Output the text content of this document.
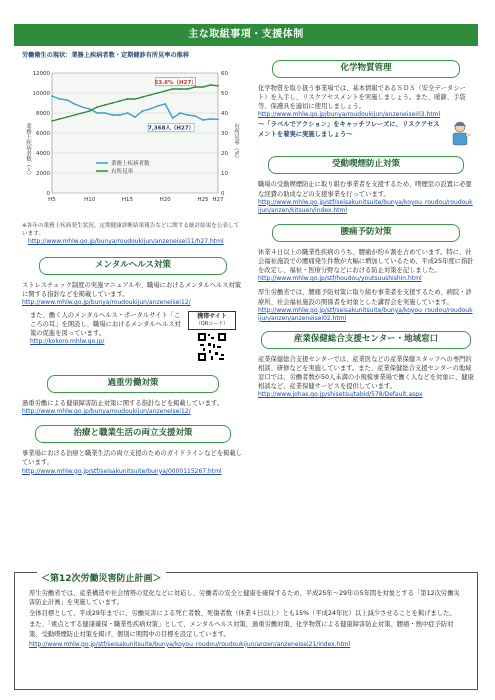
主な取組事項・支援体制
労働衛生の現状：業務上疾病者数・定期健診有所見率の推移
0
2000
4000
6000
8000
10000
12000
0
10
20
30
40
50
60
H5	H10	H15	H20	H25 H27
業務上疾病者数（人）	有所見率（%）
53.6%（H27）
7,368人（H27）
業務上疾病者数
有所見率
※各年の業務上疾病発生状況、定期健康診断結果報告などに関する統計結果を公表しています。
http://www.mhlw.go.jp/bunya/roudoukijun/anzeneisei11/h27.html
メンタルヘルス対策
ストレスチェック制度の実施マニュアルや、職場におけるメンタルヘルス対策に関する指針などを掲載しています。
http://www.mhlw.go.jp/bunya/roudoukijun/anzeneisei12/
また、働く人のメンタルヘルス・ポータルサイト「こころの耳」を開設し、職場におけるメンタルヘルス対策の促進を図っています。
http://kokoro.mhlw.go.jp/
携帯サイト
（QRコード）
過重労働対策
過重労働による健康障害防止対策に関する指針などを掲載しています。
http://www.mhlw.go.jp/bunya/roudoukijun/anzeneisei12/
治療と職業生活の両立支援対策
事業場における治療と職業生活の両立支援のためのガイドラインなどを掲載しています。
http://www.mhlw.go.jp/stf/seisakunitsuite/bunya/0000115267.html
化学物質管理
化学物質を取り扱う事業場では、基本情報であるＳＤＳ（安全データシート）を入手し、リスクアセスメントを実施しましょう。また、暖篩、手袋等、保護具を適切に使用しましょう。
http://www.mhlw.go.jp/bunya/roudoukijun/anzeneisei03.html
～「ラベルでアクション」をキャッチフレーズに、リスクアセスメントを着実に実施しましょう～
受動喫煙防止対策
職場の受動喫煙防止に取り組む事業者を支援するため、喫煙室の設置に必要な経費の助成などの支援事業を行っています。
http://www.mhlw.go.jp/stf/seisakunitsuite/bunya/koyou_roudou/roudoukijun/anzen/kitsuen/index.html
腰痛予防対策
休業４日以上の職業性疾病のうち、腰痛が約６割を占めています。特に、社会福祉施設での腰痛発生件数が大幅に増加しているため、平成25年度に指針を改定し、福祉・医療分野などにおける防止対策を記しました。
http://www.mhlw.go.jp/stf/houdou/youtsuushishin.html
厚生労働省では、腰痛予防対策に取り組む事業者を支援するため、病院・診療所、社会福祉施設の関係者を対象とした講習会を実施しています。
http://www.mhlw.go.jp/stf/seisakunitsuite/bunya/koyou_roudou/roudoukijun/anzen/anzeneisei02.html
産業保健総合支援センター・地域窓口
産業保健総合支援センターでは、産業医などの産業保健スタッフへの専門的相談、研修などを実施しています。また、産業保健総合支援センターの地域窓口では、労働者数が50人未満の小規模事業場で働く人などを対象に、健康相談など、産業保健サービスを提供しています。
http://www.johas.go.jp/shisetsu/tabid/578/Default.aspx
＜第12次労働災害防止計画＞
厚生労働省では、産業構造や社会情勢の変化などに対応し、労働者の安全と健康を確保するため、平成25年～29年の5年間を対象とする「第12次労働災害防止計画」を実施しています。
全体目標として、平成29年までに、労働災害による死亡者数、死傷者数（休業４日以上）とも15%（平成24年比）以上減少させることを掲げました。
また、「重点とする健康確保・職業性疾病対策」として、メンタルヘルス対策、過重労働対策、化学物質による健康障害防止対策、腰痛・熱中症予防対策、受動喫煙防止対策を掲げ、個別に期間中の目標を設定しています。
http://www.mhlw.go.jp/stf/seisakunitsuite/bunya/koyou_roudou/roudoukijun/anzen/anzeneisei21/index.html
